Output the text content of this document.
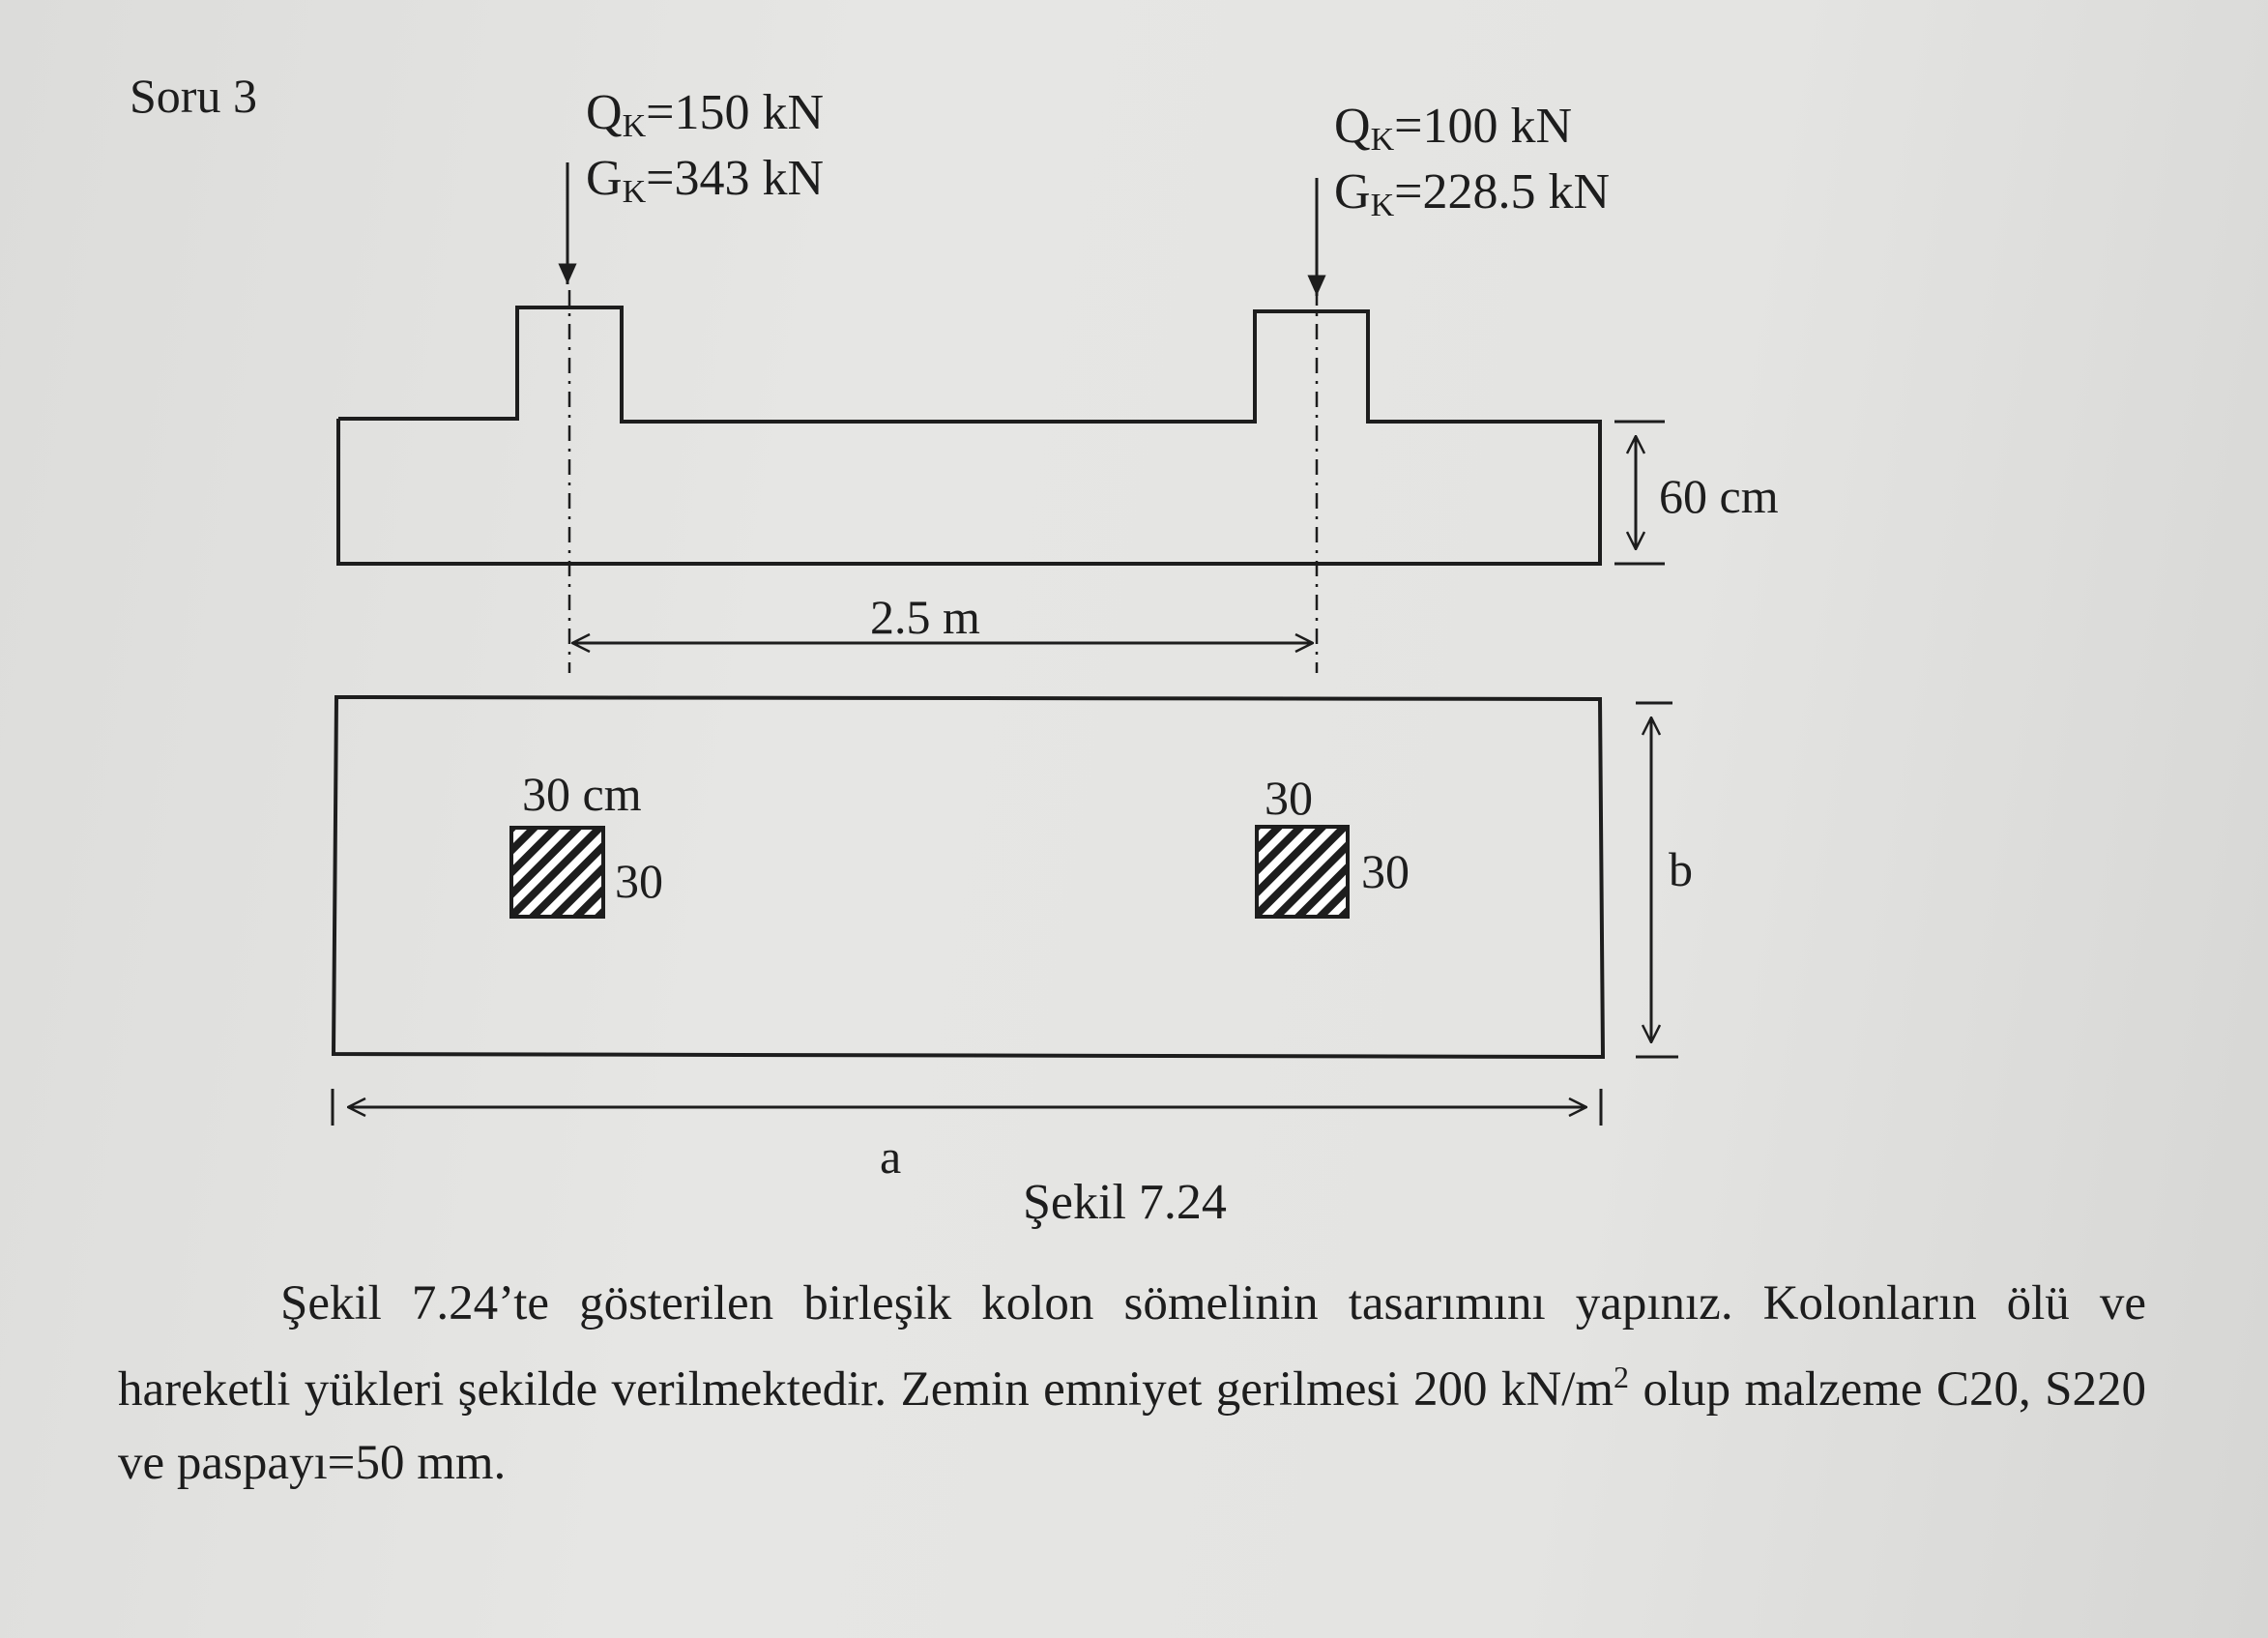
Soru 3	QK=150 kN
GK=343 kN
QK=100 kN
GK=228.5 kN
60 cm
2.5 m
30 cm
30
30
30	b
a
Şekil 7.24
Şekil 7.24’te gösterilen birleşik kolon sömelinin tasarımını yapınız. Kolonların ölü ve hareketli yükleri şekilde verilmektedir. Zemin emniyet gerilmesi 200 $kN/m^2$ olup malzeme C20, S220 ve paspayı=50 mm.
